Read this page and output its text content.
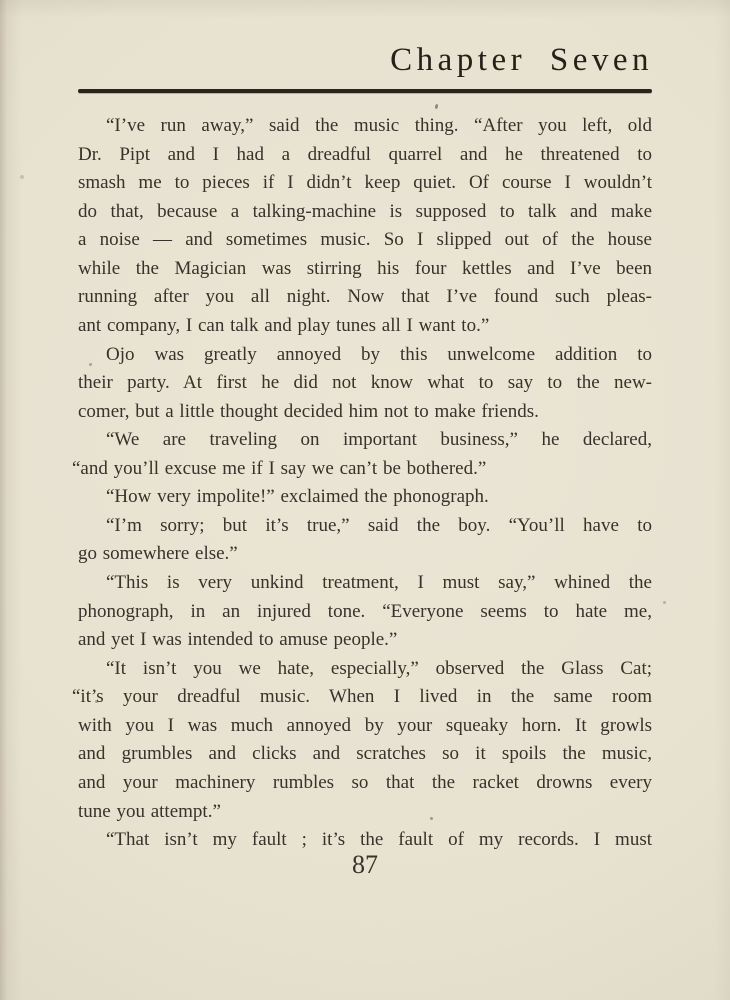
Chapter Seven
“I’ve run away,” said the music thing. “After you left, old
Dr. Pipt and I had a dreadful quarrel and he threatened to
smash me to pieces if I didn’t keep quiet. Of course I wouldn’t
do that, because a talking-machine is supposed to talk and make
a noise — and sometimes music. So I slipped out of the house
while the Magician was stirring his four kettles and I’ve been
running after you all night. Now that I’ve found such pleas-
ant company, I can talk and play tunes all I want to.”
Ojo was greatly annoyed by this unwelcome addition to
their party. At first he did not know what to say to the new-
comer, but a little thought decided him not to make friends.
“We are traveling on important business,” he declared,
“and you’ll excuse me if I say we can’t be bothered.”
“How very impolite!” exclaimed the phonograph.
“I’m sorry; but it’s true,” said the boy. “You’ll have to
go somewhere else.”
“This is very unkind treatment, I must say,” whined the
phonograph, in an injured tone. “Everyone seems to hate me,
and yet I was intended to amuse people.”
“It isn’t you we hate, especially,” observed the Glass Cat;
“it’s your dreadful music. When I lived in the same room
with you I was much annoyed by your squeaky horn. It growls
and grumbles and clicks and scratches so it spoils the music,
and your machinery rumbles so that the racket drowns every
tune you attempt.”
“That isn’t my fault ; it’s the fault of my records. I must
87
